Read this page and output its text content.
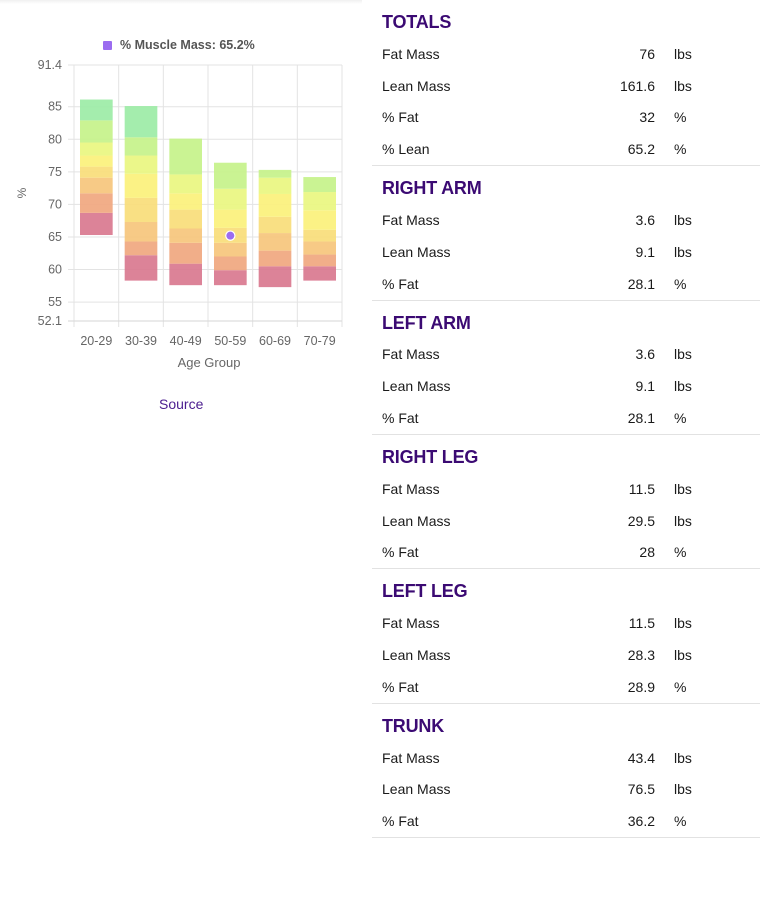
91.4
85
80
75
70
65
60
55
52.1
20-29 30-39 40-49 50-59 60-69 70-79
Age Group
%
% Muscle Mass: 65.2%
Source
TOTALS
Fat Mass	76	lbs
Lean Mass	161.6	lbs
% Fat	32	%
% Lean	65.2	%
RIGHT ARM
Fat Mass	3.6	lbs
Lean Mass	9.1	lbs
% Fat	28.1	%
LEFT ARM
Fat Mass	3.6	lbs
Lean Mass	9.1	lbs
% Fat	28.1	%
RIGHT LEG
Fat Mass	11.5	lbs
Lean Mass	29.5	lbs
% Fat	28	%
LEFT LEG
Fat Mass	11.5	lbs
Lean Mass	28.3	lbs
% Fat	28.9	%
TRUNK
Fat Mass	43.4	lbs
Lean Mass	76.5	lbs
% Fat	36.2	%
